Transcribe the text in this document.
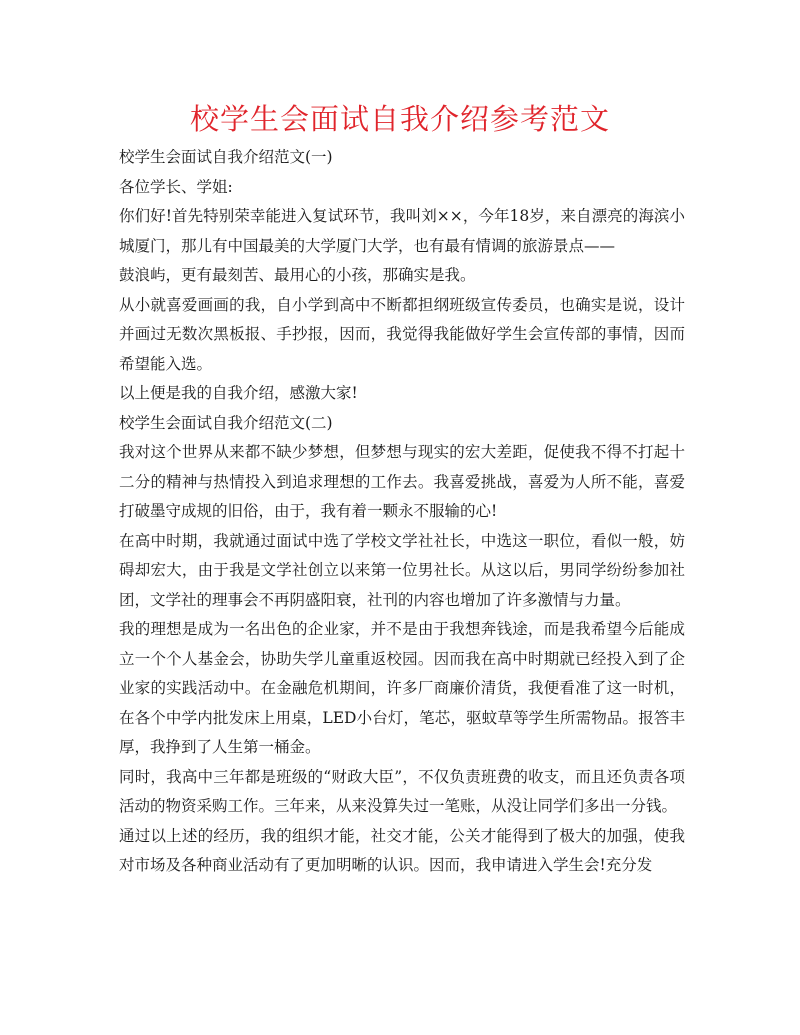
校学生会面试自我介绍参考范文
校学生会面试自我介绍范文(一)

各位学长、学姐:

你们好!首先特别荣幸能进入复试环节，我叫刘××，今年18岁，来自漂亮的海滨小城厦门，那儿有中国最美的大学厦门大学，也有最有情调的旅游景点——

鼓浪屿，更有最刻苦、最用心的小孩，那确实是我。

从小就喜爱画画的我，自小学到高中不断都担纲班级宣传委员，也确实是说，设计并画过无数次黑板报、手抄报，因而，我觉得我能做好学生会宣传部的事情，因而希望能入选。

以上便是我的自我介绍，感激大家!

校学生会面试自我介绍范文(二)

我对这个世界从来都不缺少梦想，但梦想与现实的宏大差距，促使我不得不打起十二分的精神与热情投入到追求理想的工作去。我喜爱挑战，喜爱为人所不能，喜爱打破墨守成规的旧俗，由于，我有着一颗永不服输的心!

在高中时期，我就通过面试中选了学校文学社社长，中选这一职位，看似一般，妨碍却宏大，由于我是文学社创立以来第一位男社长。从这以后，男同学纷纷参加社团，文学社的理事会不再阴盛阳衰，社刊的内容也增加了许多激情与力量。

我的理想是成为一名出色的企业家，并不是由于我想奔钱途，而是我希望今后能成立一个个人基金会，协助失学儿童重返校园。因而我在高中时期就已经投入到了企业家的实践活动中。在金融危机期间，许多厂商廉价清货，我便看准了这一时机，在各个中学内批发床上用桌，LED小台灯，笔芯，驱蚊草等学生所需物品。报答丰厚，我挣到了人生第一桶金。

同时，我高中三年都是班级的“财政大臣”，不仅负责班费的收支，而且还负责各项活动的物资采购工作。三年来，从来没算失过一笔账，从没让同学们多出一分钱。

通过以上述的经历，我的组织才能，社交才能，公关才能得到了极大的加强，使我对市场及各种商业活动有了更加明晰的认识。因而，我申请进入学生会!充分发
